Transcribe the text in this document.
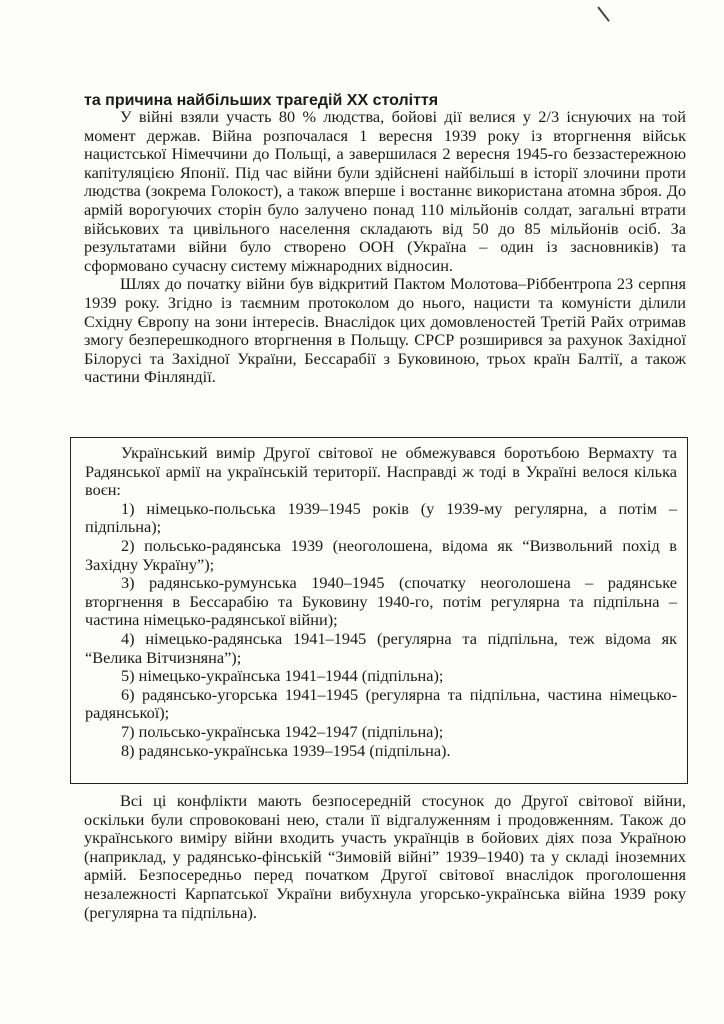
та причина найбільших трагедій ХХ століття

У війні взяли участь 80 % людства, бойові дії велися у 2/3 існуючих на той момент держав. Війна розпочалася 1 вересня 1939 року із вторгнення військ нацистської Німеччини до Польщі, а завершилася 2 вересня 1945-го беззастережною капітуляцією Японії. Під час війни були здійснені найбільші в історії злочини проти людства (зокрема Голокост), а також вперше і востаннє використана атомна зброя. До армій ворогуючих сторін було залучено понад 110 мільйонів солдат, загальні втрати військових та цивільного населення складають від 50 до 85 мільйонів осіб. За результатами війни було створено ООН (Україна – один із засновників) та сформовано сучасну систему міжнародних відносин.

Шлях до початку війни був відкритий Пактом Молотова–Ріббентропа 23 серпня 1939 року. Згідно із таємним протоколом до нього, нацисти та комуністи ділили Східну Європу на зони інтересів. Внаслідок цих домовленостей Третій Райх отримав змогу безперешкодного вторгнення в Польщу. СРСР розширився за рахунок Західної Білорусі та Західної України, Бессарабії з Буковиною, трьох країн Балтії, а також частини Фінляндії.

Український вимір Другої світової не обмежувався боротьбою Вермахту та Радянської армії на українській території. Насправді ж тоді в Україні велося кілька воєн:

1) німецько-польська 1939–1945 років (у 1939-му регулярна, а потім – підпільна);
2) польсько-радянська 1939 (неоголошена, відома як “Визвольний похід в Західну Україну”);
3) радянсько-румунська 1940–1945 (спочатку неоголошена – радянське вторгнення в Бессарабію та Буковину 1940-го, потім регулярна та підпільна – частина німецько-радянської війни);
4) німецько-радянська 1941–1945 (регулярна та підпільна, теж відома як “Велика Вітчизняна”);
5) німецько-українська 1941–1944 (підпільна);
6) радянсько-угорська 1941–1945 (регулярна та підпільна, частина німецько-радянської);
7) польсько-українська 1942–1947 (підпільна);
8) радянсько-українська 1939–1954 (підпільна).

Всі ці конфлікти мають безпосередній стосунок до Другої світової війни, оскільки були спровоковані нею, стали її відгалуженням і продовженням. Також до українського виміру війни входить участь українців в бойових діях поза Україною (наприклад, у радянсько-фінській “Зимовій війні” 1939–1940) та у складі іноземних армій. Безпосередньо перед початком Другої світової внаслідок проголошення незалежності Карпатської України вибухнула угорсько-українська війна 1939 року (регулярна та підпільна).
